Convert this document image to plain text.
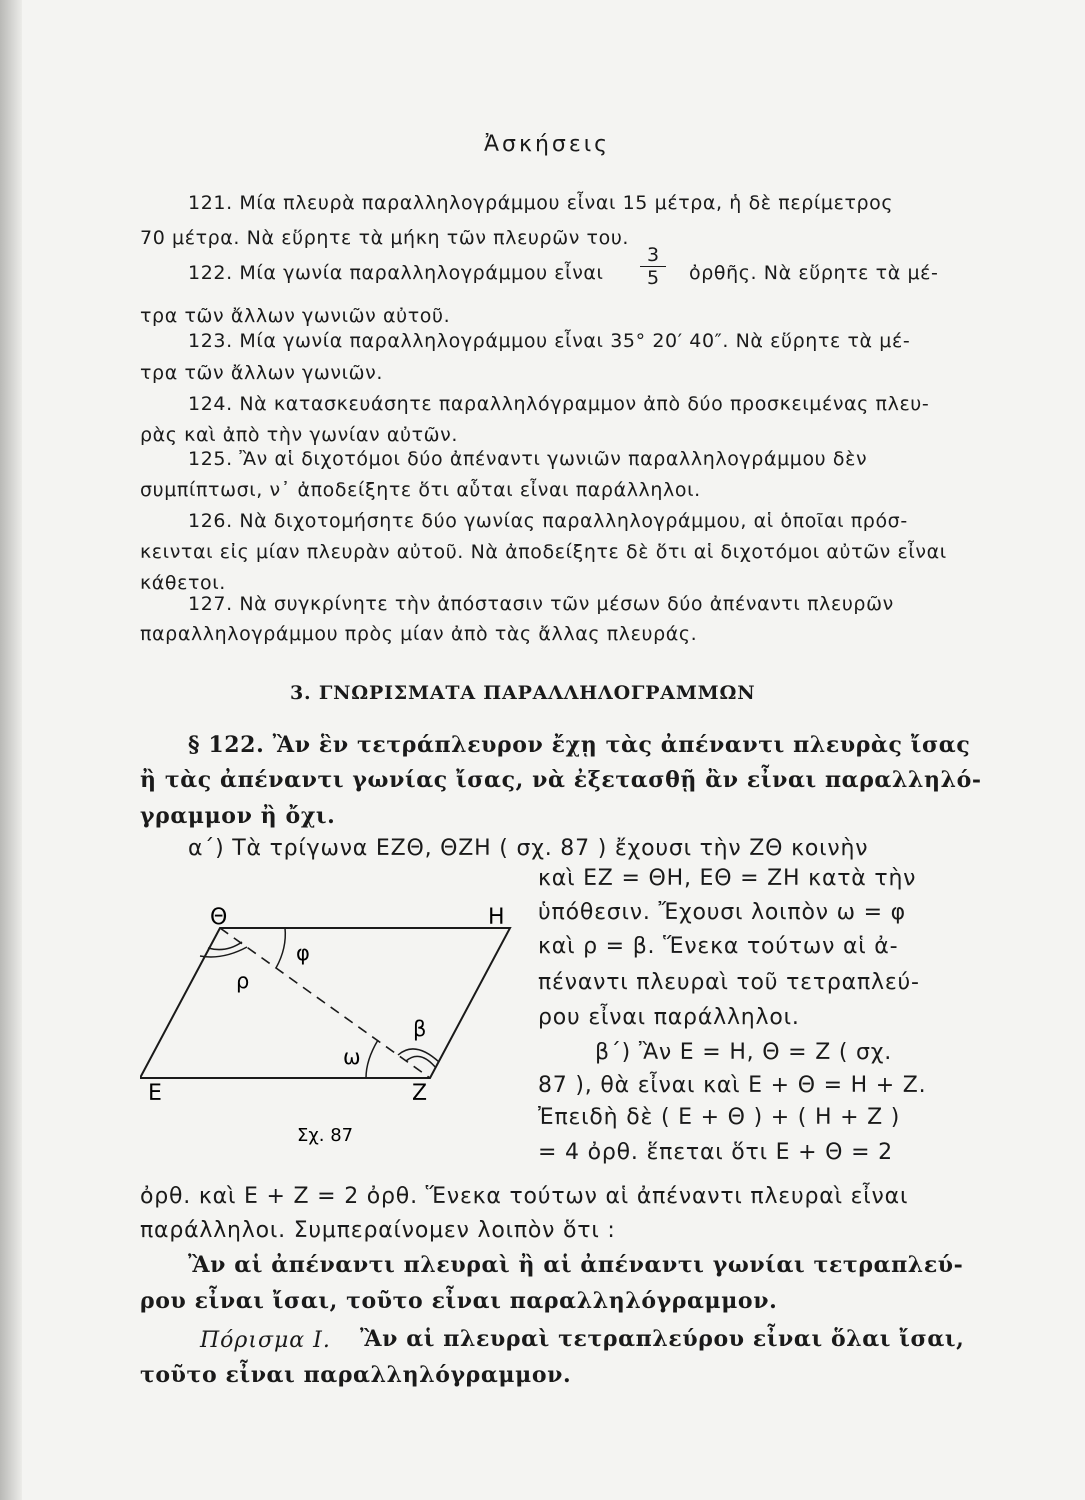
Ἀσκήσεις
121. Μία πλευρὰ παραλληλογράμμου εἶναι 15 μέτρα, ἡ δὲ περίμετρος
70 μέτρα. Νὰ εὕρητε τὰ μήκη τῶν πλευρῶν του.
122. Μία γωνία παραλληλογράμμου εἶναι $\frac{3}{5}$ ὀρθῆς. Νὰ εὕρητε τὰ μέ-
τρα τῶν ἄλλων γωνιῶν αὐτοῦ.
123. Μία γωνία παραλληλογράμμου εἶναι 35° 20′ 40″. Νὰ εὕρητε τὰ μέ-
τρα τῶν ἄλλων γωνιῶν.
124. Νὰ κατασκευάσητε παραλληλόγραμμον ἀπὸ δύο προσκειμένας πλευ-
ρὰς καὶ ἀπὸ τὴν γωνίαν αὐτῶν.
125. Ἂν αἱ διχοτόμοι δύο ἀπέναντι γωνιῶν παραλληλογράμμου δὲν
συμπίπτωσι, ν᾽ ἀποδείξητε ὅτι αὗται εἶναι παράλληλοι.
126. Νὰ διχοτομήσητε δύο γωνίας παραλληλογράμμου, αἱ ὁποῖαι πρόσ-
κεινται εἰς μίαν πλευρὰν αὐτοῦ. Νὰ ἀποδείξητε δὲ ὅτι αἱ διχοτόμοι αὐτῶν εἶναι
κάθετοι.
127. Νὰ συγκρίνητε τὴν ἀπόστασιν τῶν μέσων δύο ἀπέναντι πλευρῶν
παραλληλογράμμου πρὸς μίαν ἀπὸ τὰς ἄλλας πλευράς.
3. ΓΝΩΡΙΣΜΑΤΑ ΠΑΡΑΛΛΗΛΟΓΡΑΜΜΩΝ
§ 122. Ἂν ἓν τετράπλευρον ἔχῃ τὰς ἀπέναντι πλευρὰς ἴσας
ἢ τὰς ἀπέναντι γωνίας ἴσας, νὰ ἐξετασθῇ ἂν εἶναι παραλληλό-
γραμμον ἢ ὄχι.
α΄) Τὰ τρίγωνα ΕΖΘ, ΘΖΗ ( σχ. 87 ) ἔχουσι τὴν ΖΘ κοινὴν
καὶ ΕΖ = ΘΗ, ΕΘ = ΖΗ κατὰ τὴν
ὑπόθεσιν. Ἔχουσι λοιπὸν ω = φ
καὶ ρ = β. Ἕνεκα τούτων αἱ ἀ-
πέναντι πλευραὶ τοῦ τετραπλεύ-
ρου εἶναι παράλληλοι.
β΄) Ἂν Ε = Η, Θ = Ζ ( σχ.
87 ), θὰ εἶναι καὶ Ε + Θ = Η + Ζ.
Ἐπειδὴ δὲ ( Ε + Θ ) + ( Η + Ζ )
= 4 ὀρθ. ἕπεται ὅτι Ε + Θ = 2
ὀρθ. καὶ Ε + Ζ = 2 ὀρθ. Ἕνεκα τούτων αἱ ἀπέναντι πλευραὶ εἶναι
παράλληλοι. Συμπεραίνομεν λοιπὸν ὅτι :
Ἂν αἱ ἀπέναντι πλευραὶ ἢ αἱ ἀπέναντι γωνίαι τετραπλεύ-
ρου εἶναι ἴσαι, τοῦτο εἶναι παραλληλόγραμμον.
Πόρισμα Ι. Ἂν αἱ πλευραὶ τετραπλεύρου εἶναι ὅλαι ἴσαι,
τοῦτο εἶναι παραλληλόγραμμον.
Θ	Η
Ε	Ζ
φ
ρ
β
ω
Σχ. 87
